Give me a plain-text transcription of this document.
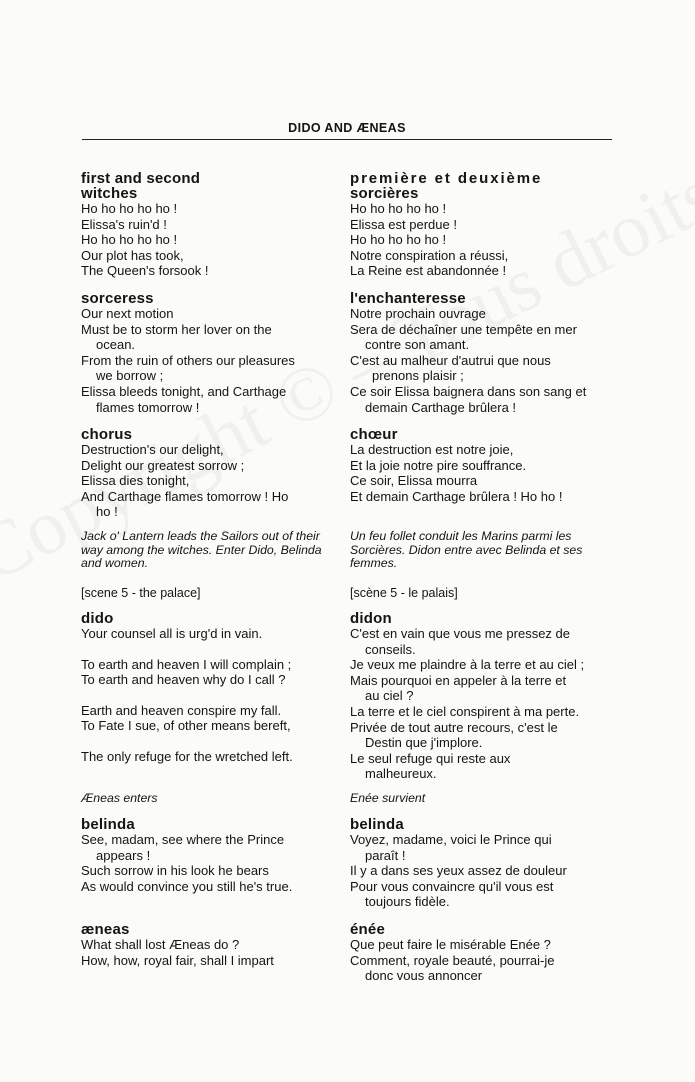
DIDO AND ÆNEAS
first and second
witches
Ho ho ho ho ho !
Elissa's ruin'd !
Ho ho ho ho ho !
Our plot has took,
The Queen's forsook !
sorceress
Our next motion
Must be to storm her lover on the
ocean.
From the ruin of others our pleasures
we borrow ;
Elissa bleeds tonight, and Carthage
flames tomorrow !
chorus
Destruction's our delight,
Delight our greatest sorrow ;
Elissa dies tonight,
And Carthage flames tomorrow ! Ho
ho !
Jack o' Lantern leads the Sailors out of their way among the witches. Enter Dido, Belinda and women.
[scene 5 - the palace]
dido
Your counsel all is urg'd in vain.
To earth and heaven I will complain ;
To earth and heaven why do I call ?
Earth and heaven conspire my fall.
To Fate I sue, of other means bereft,
The only refuge for the wretched left.
Æneas enters
belinda
See, madam, see where the Prince
appears !
Such sorrow in his look he bears
As would convince you still he's true.
æneas
What shall lost Æneas do ?
How, how, royal fair, shall I impart
première et deuxième
sorcières
Ho ho ho ho ho !
Elissa est perdue !
Ho ho ho ho ho !
Notre conspiration a réussi,
La Reine est abandonnée !
l'enchanteresse
Notre prochain ouvrage
Sera de déchaîner une tempête en mer
contre son amant.
C'est au malheur d'autrui que nous
prenons plaisir ;
Ce soir Elissa baignera dans son sang et
demain Carthage brûlera !
chœur
La destruction est notre joie,
Et la joie notre pire souffrance.
Ce soir, Elissa mourra
Et demain Carthage brûlera ! Ho ho !
Un feu follet conduit les Marins parmi les Sorcières. Didon entre avec Belinda et ses femmes.
[scène 5 - le palais]
didon
C'est en vain que vous me pressez de
conseils.
Je veux me plaindre à la terre et au ciel ;
Mais pourquoi en appeler à la terre et
au ciel ?
La terre et le ciel conspirent à ma perte.
Privée de tout autre recours, c'est le
Destin que j'implore.
Le seul refuge qui reste aux
malheureux.
Enée survient
belinda
Voyez, madame, voici le Prince qui
paraît !
Il y a dans ses yeux assez de douleur
Pour vous convaincre qu'il vous est
toujours fidèle.
énée
Que peut faire le misérable Enée ?
Comment, royale beauté, pourrai-je
donc vous annoncer
